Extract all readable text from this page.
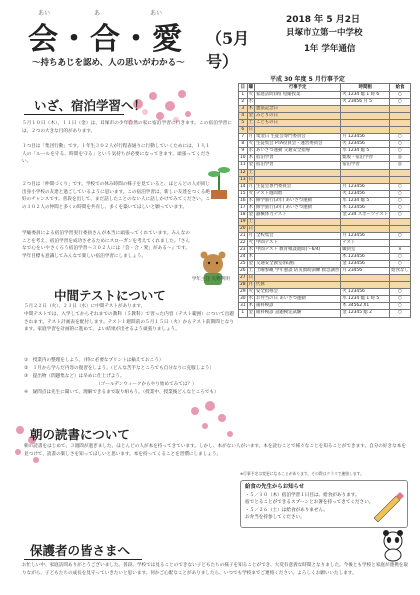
あい	あ	あい
会・合・愛 （5月号）
～持ちあじを認め、人の思いがわかる～
2018 年 5 月2日
貝塚市立第一中学校
1年 学年通信
いざ、宿泊学習へ！
５月１０日（木）、１１日（金）は、貝塚市の少年自然の家に宿泊学習に行きます。この宿泊学習には、２つの大きな目的があります。
１つ目は「集団行動」です。１年生３０２人が行程表通りに行動していくためには、１人１人の「ルールを守る、時間を守る」という気持ちが必要になってきます。頑張ってください。
２つ目は「仲間づくり」です。学校での休み時間の様子を見ていると、ほとんどの人が同じ出身小学校の友達と過ごしているように思います。この宿泊学習は、新しい友達をつくる絶好のチャンスです。普段を出して、まだ話したことのない人に話しかけてみてください。この３０２人の仲間と多くの時間を共有し、多くを築いてほしいと願っています。
学級委員による宿泊学習実行委員さんが本当に頑張ってくれています。みんなのことを考え、宿泊学習を成功させるためにスローガンを考えてくれました。『さんなで心をいやさくろう宿泊学習～３０２人には「会・合・愛」がある～』です。学年目標も意識してみんなで楽しい宿泊学習にしましょう。
学年主任 矢野利明
中間テストについて
５月２２日（火）、２３日（水）に中間テストがあります。
中間テストでは、入学してからそれまでの教科（５教科）で習った内容（テスト範囲）について出題されます。テスト計画表を配付します。テスト１週間前の５月１５日（火）からテスト前期間となります。家庭学習を計画的に進めて、よい結果が出せるよう頑張りましょう。
①　授業内の整理をしよう。（特に必要なプリントは揃えておこう）
②　１月から学んだ内容の復習をしよう。（どんな苦手なところでも自分なりに克服しよう）
③　提出物（問題集など）は早めに仕上げよう。
（ゴールデンウィークからやり始めてみては？）
④　疑問点は先生に聞いて、理解できるまで取り組もう。（授業中、授業後どんなところでも）
朝の読書について
朝の読書をはじめて、３週間が過ぎました。ほとんどの人が本を持ってきています。しかし、本がない人がいます。本を読むことで様々なことを知ることができます。自分の好きな本を見つけて、読書の楽しさを知ってほしいと思います。本を持ってくることを習慣にしましょう。
保護者の皆さまへ
お忙しい中、家庭訪問ありがとうございました。普段、学校では見ることのできない子どもたちの様子を知ることができ、大変有意義な時間となりました。今後とも学校と家庭が連携を取りながら、子どもたちの成長を見守っていきたいと思います。何かご心配なことがありましたら、いつでも学校までご連絡ください。よろしくお願いいたします。
平成 30 年度 5 月行事予定
日	曜	行事予定	時間割	給食
1	火	家庭訪問(期) 短縮授業	火 1234 総 1 時 6	○
2	水		火 23456 月 5	○
3	木	憲法記念日		
4	金	みどりの日		
5	土	こどもの日		
6	日			
7	月	集金日 生徒会専門委員会	月 123456	○
8	火	生徒集会 PTA役員会・運営委員会	火 123456	○
9	水	あいさつ運動 交通安全指導	水 1234 総 5	○
10	木	宿泊学習	総股・宿泊学習	◎
11	金	宿泊学習	宿泊学習	◎
12	土			
13	日			
14	月	生徒会専門委員会	月 123456	○
15	火	テスト週間始	火 123456	○
16	水	修学旅行(3年) あいさつ運動	水 1234 総 5	○
17	木	修学旅行(3年) あいさつ運動	木 123456	○
18	金	器械体力テスト	金 234 スポーツテスト	○
19	土			
20	日			
21	月	全校集会	月 123456	○
22	火	中間テスト	テスト	
23	水	中間テスト 教育相談週間(～6/4)	職員室	×
24	木		木 123456	○
25	金	交通安全教室(保護)	金 123456	○
26	土	土曜参観 学年懇談 防災救助訓練 救急講習	月 23456	給食なし
27	日			
28	月	代休		
29	火	安全指導会	火 123456	○
30	水	お弁当の日 あいさつ運動	水 1234 総 1 時 5	○
31	木	歯科検診	木 34562 Ⅹ1	○
1	金	眼科検診 話題検定試験	金 12345 総 2	○
※行事予定は変更になることがあります。その際はクラスで連絡します。
給食の先生からお知らせ
・５／１０（木）宿泊学習１日目は、給食があります。
宿でとることができるスプーンとお箸を持ってきてください。
・５／２６（土）は給食がありません。
お弁当を持参してください。
